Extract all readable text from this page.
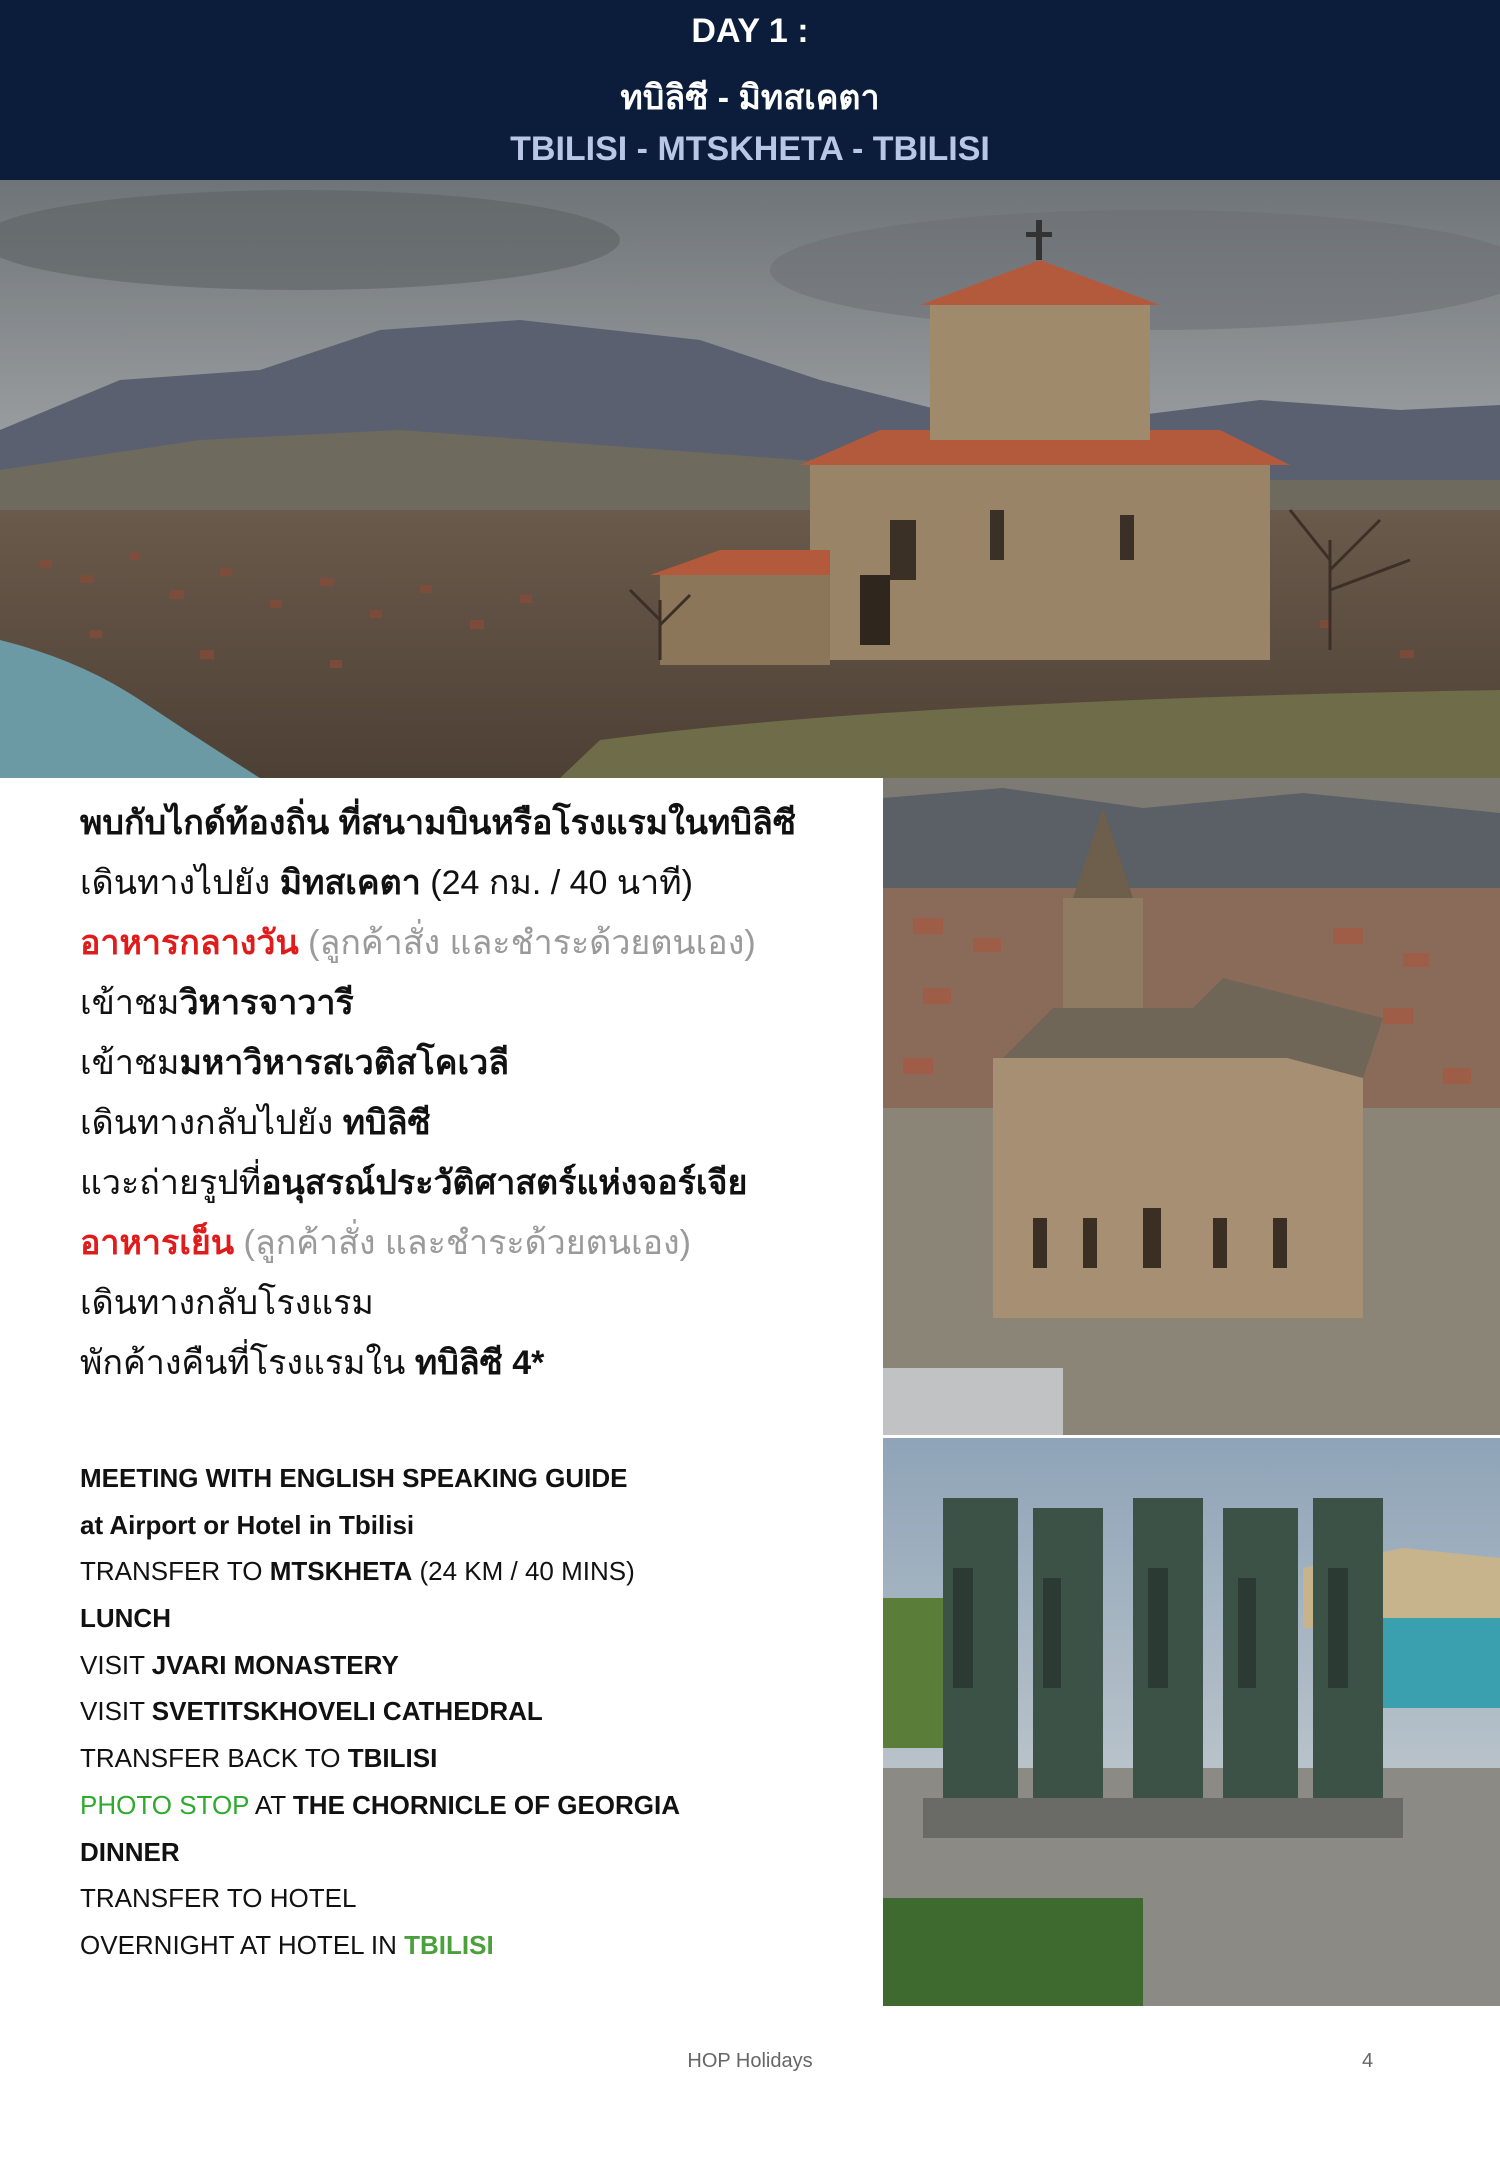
DAY 1 :
ทบิลิซี - มิทสเคตา
TBILISI - MTSKHETA - TBILISI
พบกับไกด์ท้องถิ่น ที่สนามบินหรือโรงแรมในทบิลิซี
เดินทางไปยัง มิทสเคตา (24 กม. / 40 นาที)
อาหารกลางวัน (ลูกค้าสั่ง และชำระด้วยตนเอง)
เข้าชมวิหารจาวารี
เข้าชมมหาวิหารสเวติสโคเวลี
เดินทางกลับไปยัง ทบิลิซี
แวะถ่ายรูปที่อนุสรณ์ประวัติศาสตร์แห่งจอร์เจีย
อาหารเย็น (ลูกค้าสั่ง และชำระด้วยตนเอง)
เดินทางกลับโรงแรม
พักค้างคืนที่โรงแรมใน ทบิลิซี 4*
MEETING WITH ENGLISH SPEAKING GUIDE
at Airport or Hotel in Tbilisi
TRANSFER TO MTSKHETA (24 KM / 40 MINS)
LUNCH
VISIT JVARI MONASTERY
VISIT SVETITSKHOVELI CATHEDRAL
TRANSFER BACK TO TBILISI
PHOTO STOP AT THE CHORNICLE OF GEORGIA
DINNER
TRANSFER TO HOTEL
OVERNIGHT AT HOTEL IN TBILISI
HOP Holidays	4
